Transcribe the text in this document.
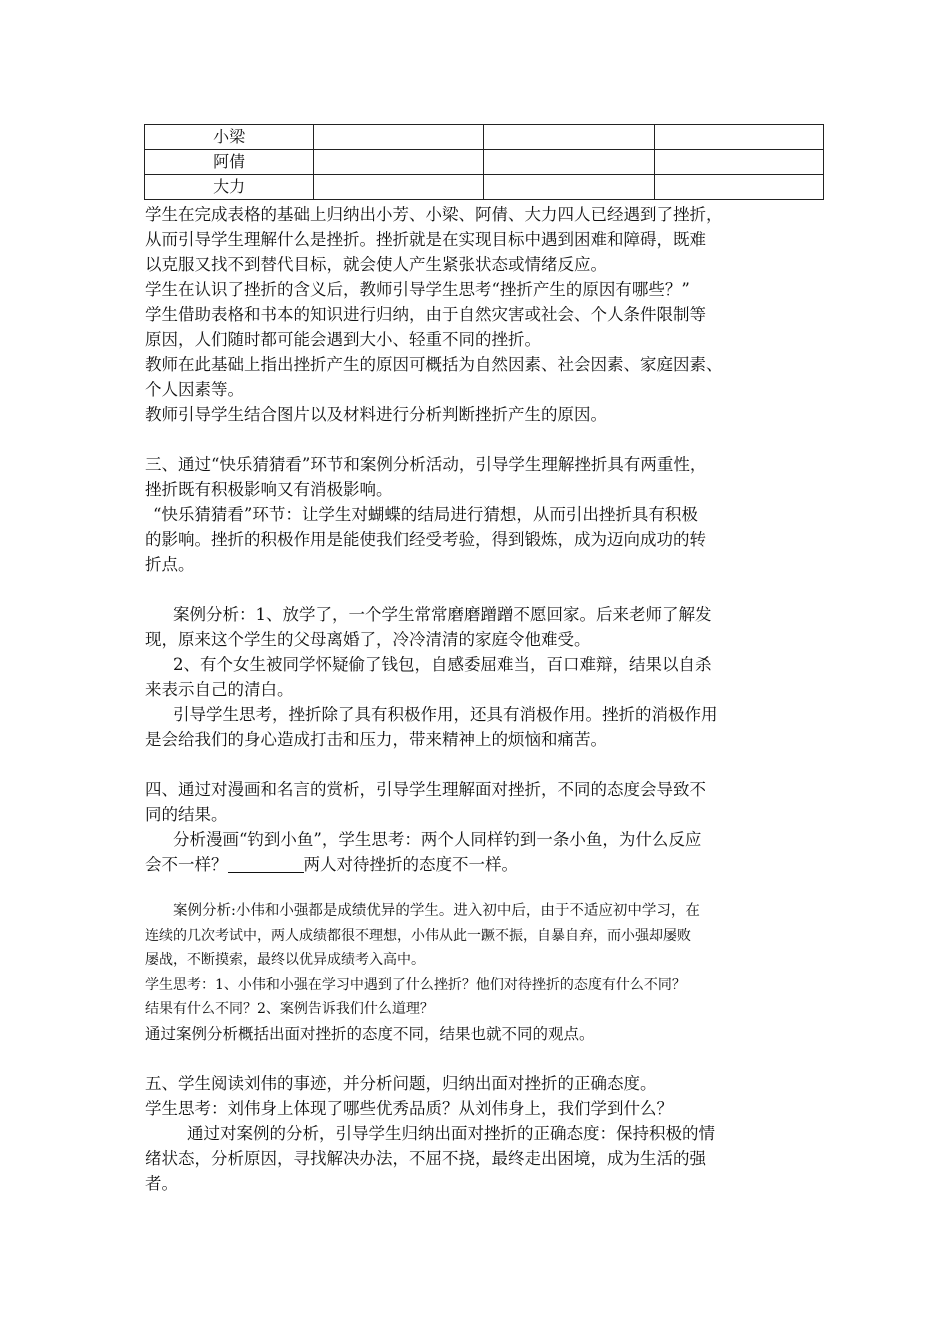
小梁			
阿倩			
大力			
学生在完成表格的基础上归纳出小芳、小梁、阿倩、大力四人已经遇到了挫折，
从而引导学生理解什么是挫折。挫折就是在实现目标中遇到困难和障碍，既难
以克服又找不到替代目标，就会使人产生紧张状态或情绪反应。
学生在认识了挫折的含义后，教师引导学生思考“挫折产生的原因有哪些？”
学生借助表格和书本的知识进行归纳，由于自然灾害或社会、个人条件限制等
原因，人们随时都可能会遇到大小、轻重不同的挫折。
教师在此基础上指出挫折产生的原因可概括为自然因素、社会因素、家庭因素、
个人因素等。
教师引导学生结合图片以及材料进行分析判断挫折产生的原因。
三、通过“快乐猜猜看”环节和案例分析活动，引导学生理解挫折具有两重性，
挫折既有积极影响又有消极影响。
“快乐猜猜看”环节：让学生对蝴蝶的结局进行猜想，从而引出挫折具有积极
的影响。挫折的积极作用是能使我们经受考验，得到锻炼，成为迈向成功的转
折点。
案例分析：1、放学了，一个学生常常磨磨蹭蹭不愿回家。后来老师了解发
现，原来这个学生的父母离婚了，冷冷清清的家庭令他难受。
2、有个女生被同学怀疑偷了钱包，自感委屈难当，百口难辩，结果以自杀
来表示自己的清白。
引导学生思考，挫折除了具有积极作用，还具有消极作用。挫折的消极作用
是会给我们的身心造成打击和压力，带来精神上的烦恼和痛苦。
四、通过对漫画和名言的赏析，引导学生理解面对挫折，不同的态度会导致不
同的结果。
分析漫画“钓到小鱼”，学生思考：两个人同样钓到一条小鱼，为什么反应
会不一样？	两人对待挫折的态度不一样。
案例分析:小伟和小强都是成绩优异的学生。进入初中后，由于不适应初中学习，在
连续的几次考试中，两人成绩都很不理想，小伟从此一蹶不振，自暴自弃，而小强却屡败
屡战，不断摸索，最终以优异成绩考入高中。
学生思考：1、小伟和小强在学习中遇到了什么挫折？他们对待挫折的态度有什么不同？
结果有什么不同？2、案例告诉我们什么道理？
通过案例分析概括出面对挫折的态度不同，结果也就不同的观点。
五、学生阅读刘伟的事迹，并分析问题，归纳出面对挫折的正确态度。
学生思考：刘伟身上体现了哪些优秀品质？从刘伟身上，我们学到什么？
通过对案例的分析，引导学生归纳出面对挫折的正确态度：保持积极的情
绪状态，分析原因，寻找解决办法，不屈不挠，最终走出困境，成为生活的强
者。
